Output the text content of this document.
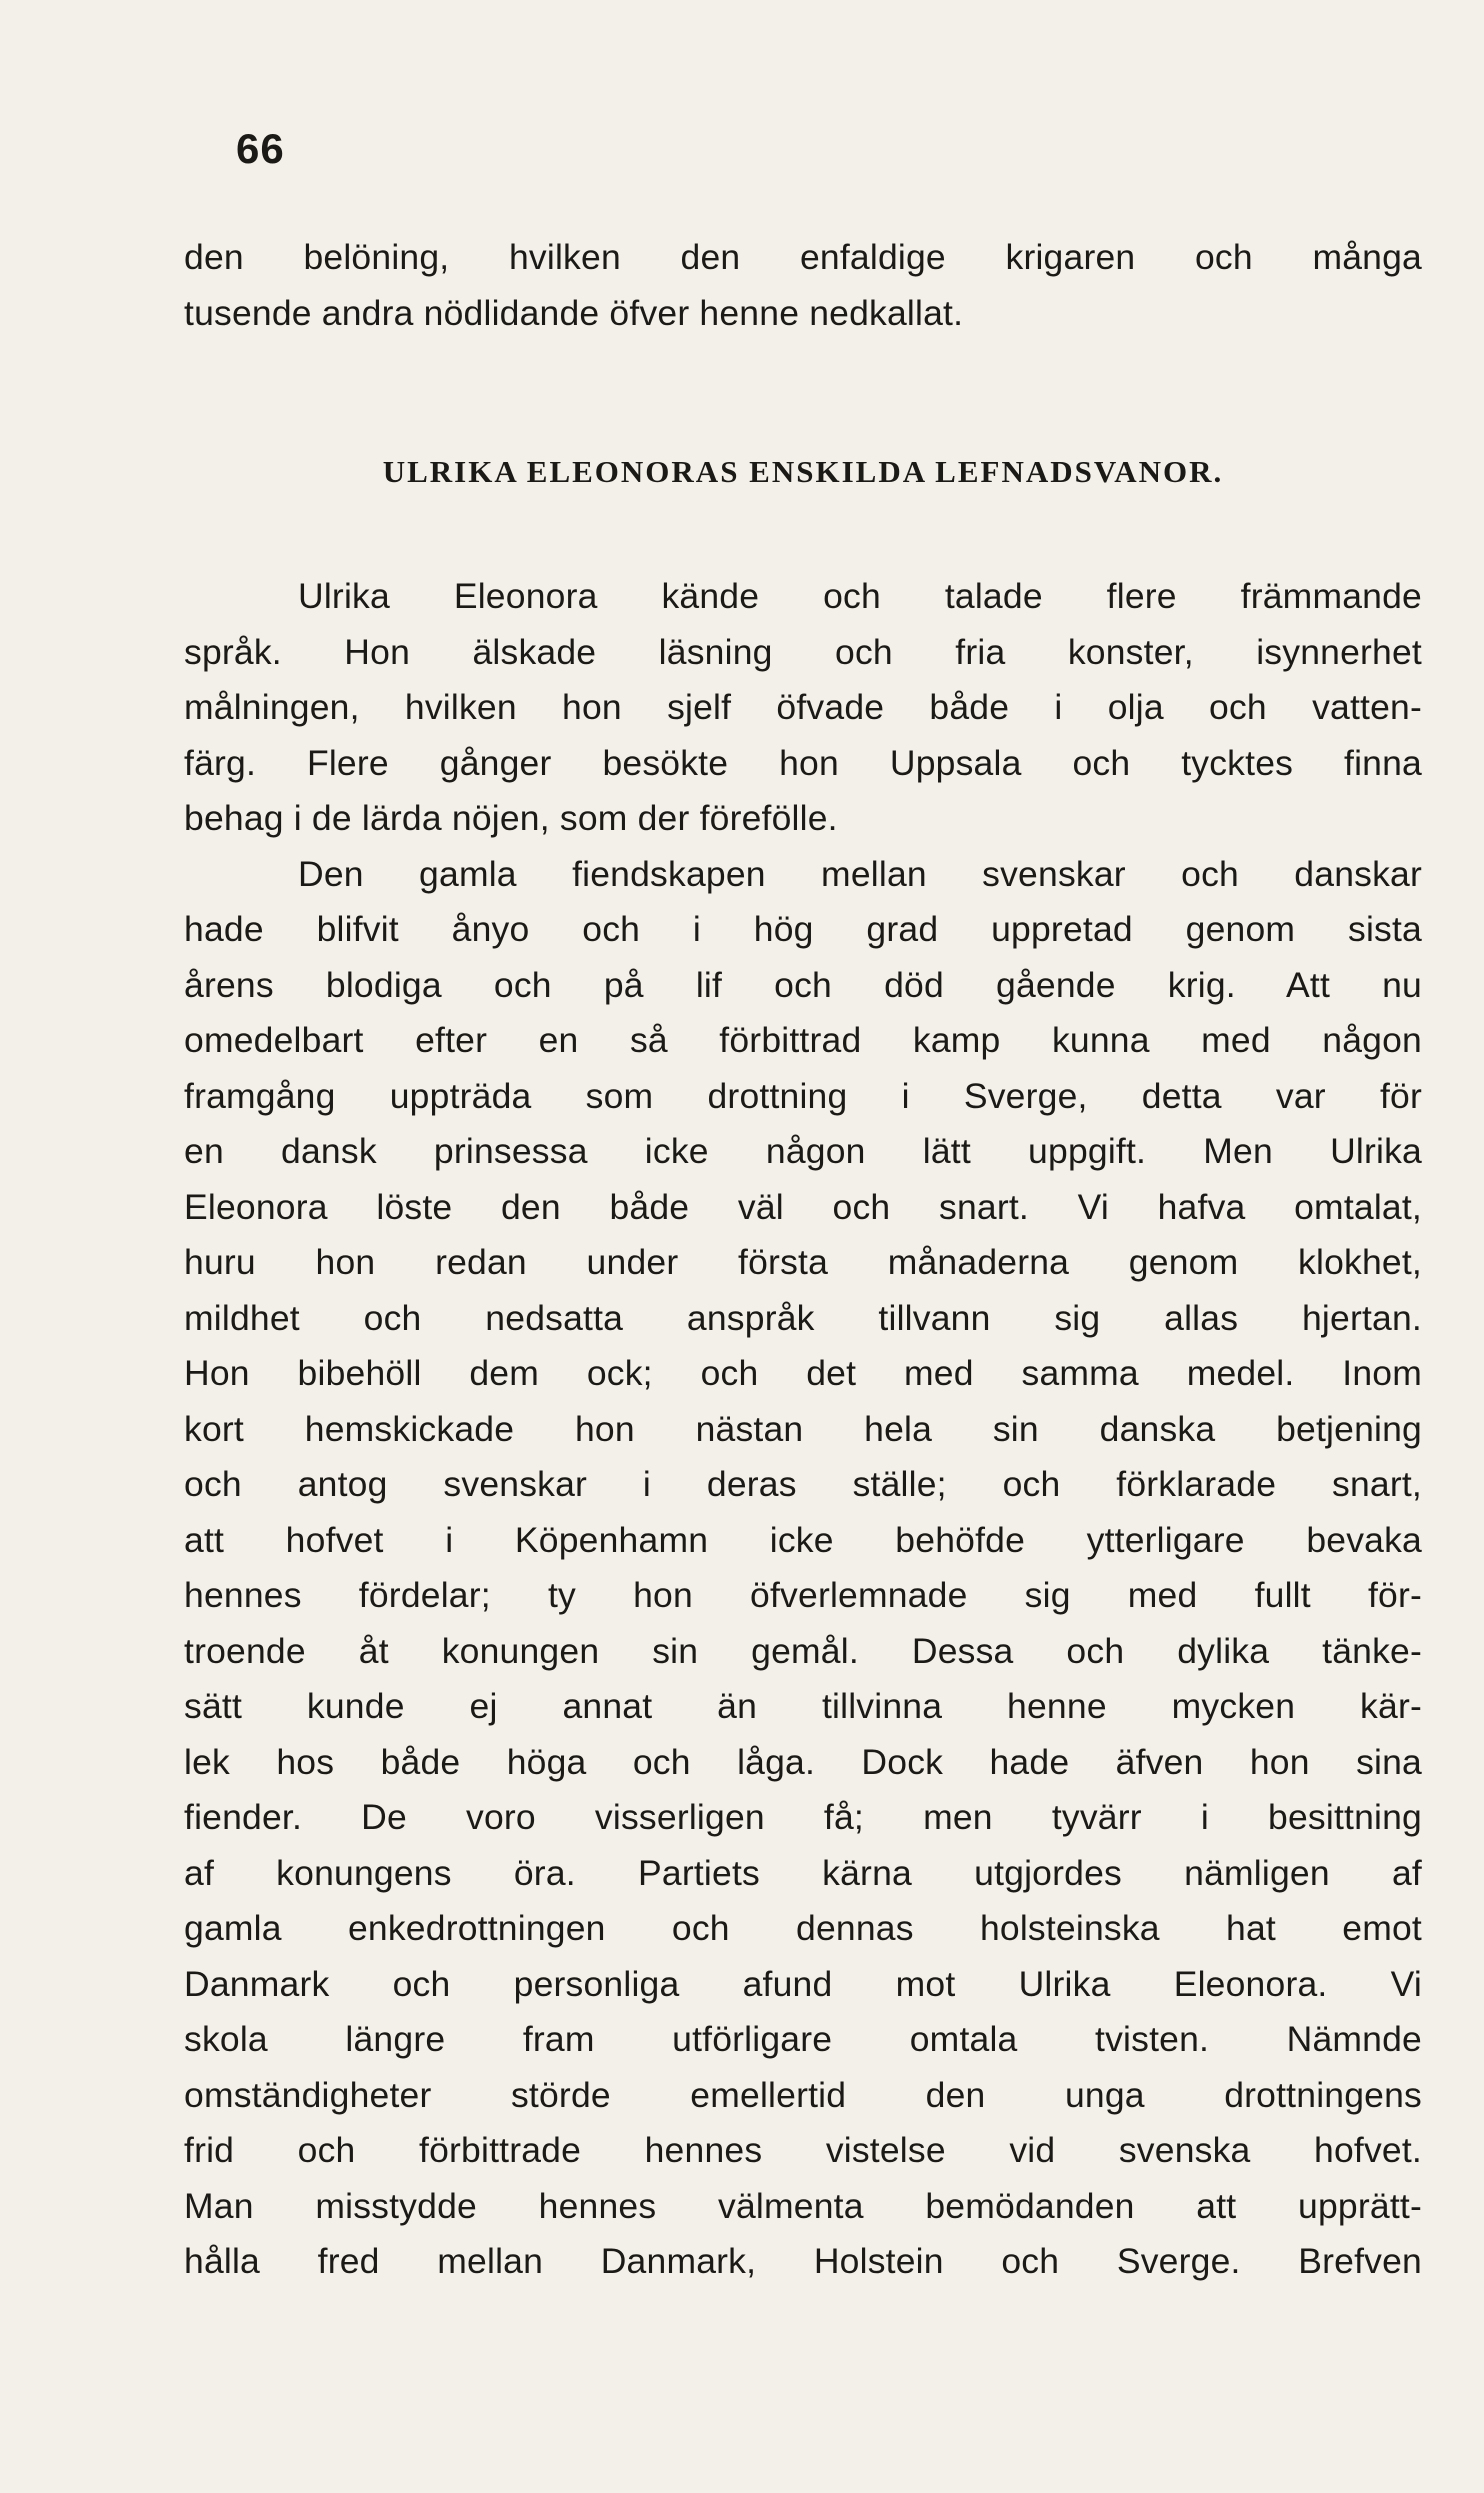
66
den belöning, hvilken den enfaldige krigaren och många
tusende andra nödlidande öfver henne nedkallat.
ULRIKA ELEONORAS ENSKILDA LEFNADSVANOR.
Ulrika Eleonora kände och talade flere främmande
språk. Hon älskade läsning och fria konster, isynnerhet
målningen, hvilken hon sjelf öfvade både i olja och vatten-
färg. Flere gånger besökte hon Uppsala och tycktes finna
behag i de lärda nöjen, som der förefölle.
Den gamla fiendskapen mellan svenskar och danskar
hade blifvit ånyo och i hög grad uppretad genom sista
årens blodiga och på lif och död gående krig. Att nu
omedelbart efter en så förbittrad kamp kunna med någon
framgång uppträda som drottning i Sverge, detta var för
en dansk prinsessa icke någon lätt uppgift. Men Ulrika
Eleonora löste den både väl och snart. Vi hafva omtalat,
huru hon redan under första månaderna genom klokhet,
mildhet och nedsatta anspråk tillvann sig allas hjertan.
Hon bibehöll dem ock; och det med samma medel. Inom
kort hemskickade hon nästan hela sin danska betjening
och antog svenskar i deras ställe; och förklarade snart,
att hofvet i Köpenhamn icke behöfde ytterligare bevaka
hennes fördelar; ty hon öfverlemnade sig med fullt för-
troende åt konungen sin gemål. Dessa och dylika tänke-
sätt kunde ej annat än tillvinna henne mycken kär-
lek hos både höga och låga. Dock hade äfven hon sina
fiender. De voro visserligen få; men tyvärr i besittning
af konungens öra. Partiets kärna utgjordes nämligen af
gamla enkedrottningen och dennas holsteinska hat emot
Danmark och personliga afund mot Ulrika Eleonora. Vi
skola längre fram utförligare omtala tvisten. Nämnde
omständigheter störde emellertid den unga drottningens
frid och förbittrade hennes vistelse vid svenska hofvet.
Man misstydde hennes välmenta bemödanden att upprätt-
hålla fred mellan Danmark, Holstein och Sverge. Brefven
